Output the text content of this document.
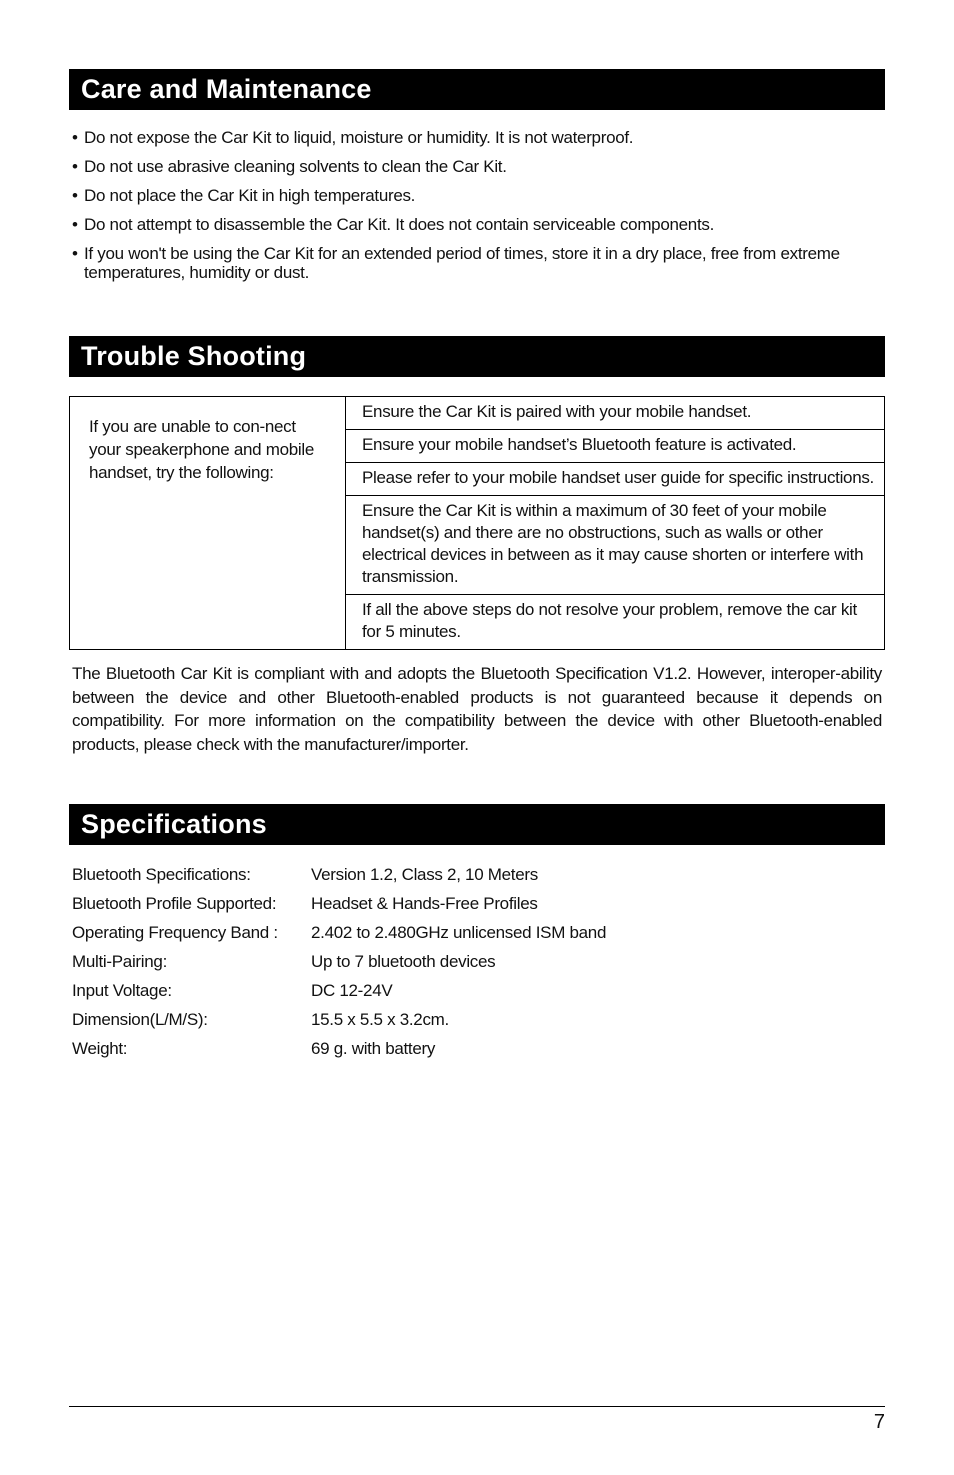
Care and Maintenance
• Do not expose the Car Kit to liquid, moisture or humidity. It is not waterproof.
• Do not use abrasive cleaning solvents to clean the Car Kit.
• Do not place the Car Kit in high temperatures.
• Do not attempt to disassemble the Car Kit. It does not contain serviceable components.
• If you won't be using the Car Kit for an extended period of times, store it in a dry place, free from extreme temperatures, humidity or dust.
Trouble Shooting
If you are unable to con-nect your speakerphone and mobile handset, try the following:	Ensure the Car Kit is paired with your mobile handset.
Ensure your mobile handset’s Bluetooth feature is activated.
Please refer to your mobile handset user guide for specific instructions.
Ensure the Car Kit is within a maximum of 30 feet of your mobile handset(s) and there are no obstructions, such as walls or other electrical devices in between as it may cause shorten or interfere with transmission.
If all the above steps do not resolve your problem, remove the car kit for 5 minutes.

The Bluetooth Car Kit is compliant with and adopts the Bluetooth Specification V1.2. However, interoper-ability between the device and other Bluetooth-enabled products is not guaranteed because it depends on compatibility. For more information on the compatibility between the device with other Bluetooth-enabled products, please check with the manufacturer/importer.

Specifications
Bluetooth Specifications:	Version 1.2, Class 2, 10 Meters
Bluetooth Profile Supported:	Headset & Hands-Free Profiles
Operating Frequency Band :	2.402 to 2.480GHz unlicensed ISM band
Multi-Pairing:	Up to 7 bluetooth devices
Input Voltage:	DC 12-24V
Dimension(L/M/S):	15.5 x 5.5 x 3.2cm.
Weight:	69 g. with battery
7
